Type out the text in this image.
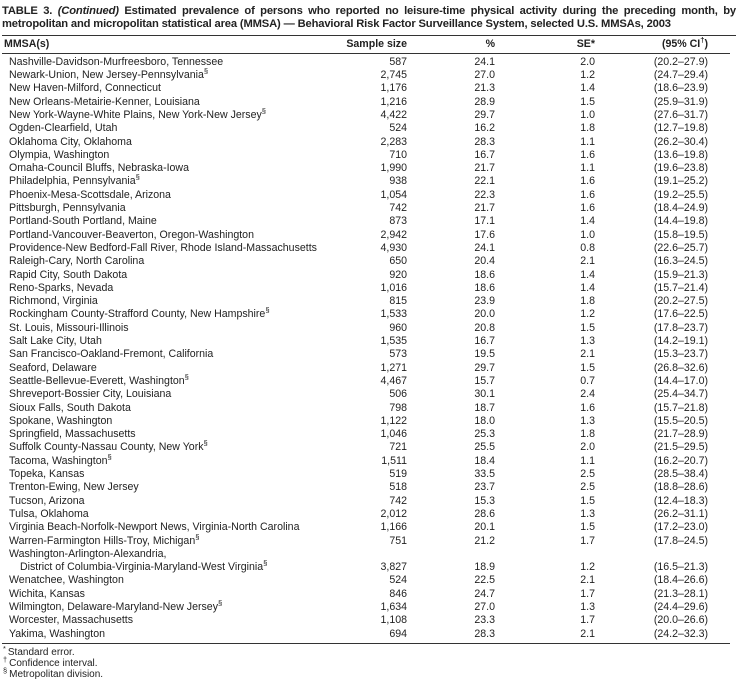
TABLE 3. (Continued) Estimated prevalence of persons who reported no leisure-time physical activity during the preceding month, by metropolitan and micropolitan statistical area (MMSA) — Behavioral Risk Factor Surveillance System, selected U.S. MMSAs, 2003
MMSA(s)	Sample size	%	SE*	(95% CI†)
Nashville-Davidson-Murfreesboro, Tennessee	587	24.1	2.0	(20.2–27.9)
Newark-Union, New Jersey-Pennsylvania§	2,745	27.0	1.2	(24.7–29.4)
New Haven-Milford, Connecticut	1,176	21.3	1.4	(18.6–23.9)
New Orleans-Metairie-Kenner, Louisiana	1,216	28.9	1.5	(25.9–31.9)
New York-Wayne-White Plains, New York-New Jersey§	4,422	29.7	1.0	(27.6–31.7)
Ogden-Clearfield, Utah	524	16.2	1.8	(12.7–19.8)
Oklahoma City, Oklahoma	2,283	28.3	1.1	(26.2–30.4)
Olympia, Washington	710	16.7	1.6	(13.6–19.8)
Omaha-Council Bluffs, Nebraska-Iowa	1,990	21.7	1.1	(19.6–23.8)
Philadelphia, Pennsylvania§	938	22.1	1.6	(19.1–25.2)
Phoenix-Mesa-Scottsdale, Arizona	1,054	22.3	1.6	(19.2–25.5)
Pittsburgh, Pennsylvania	742	21.7	1.6	(18.4–24.9)
Portland-South Portland, Maine	873	17.1	1.4	(14.4–19.8)
Portland-Vancouver-Beaverton, Oregon-Washington	2,942	17.6	1.0	(15.8–19.5)
Providence-New Bedford-Fall River, Rhode Island-Massachusetts	4,930	24.1	0.8	(22.6–25.7)
Raleigh-Cary, North Carolina	650	20.4	2.1	(16.3–24.5)
Rapid City, South Dakota	920	18.6	1.4	(15.9–21.3)
Reno-Sparks, Nevada	1,016	18.6	1.4	(15.7–21.4)
Richmond, Virginia	815	23.9	1.8	(20.2–27.5)
Rockingham County-Strafford County, New Hampshire§	1,533	20.0	1.2	(17.6–22.5)
St. Louis, Missouri-Illinois	960	20.8	1.5	(17.8–23.7)
Salt Lake City, Utah	1,535	16.7	1.3	(14.2–19.1)
San Francisco-Oakland-Fremont, California	573	19.5	2.1	(15.3–23.7)
Seaford, Delaware	1,271	29.7	1.5	(26.8–32.6)
Seattle-Bellevue-Everett, Washington§	4,467	15.7	0.7	(14.4–17.0)
Shreveport-Bossier City, Louisiana	506	30.1	2.4	(25.4–34.7)
Sioux Falls, South Dakota	798	18.7	1.6	(15.7–21.8)
Spokane, Washington	1,122	18.0	1.3	(15.5–20.5)
Springfield, Massachusetts	1,046	25.3	1.8	(21.7–28.9)
Suffolk County-Nassau County, New York§	721	25.5	2.0	(21.5–29.5)
Tacoma, Washington§	1,511	18.4	1.1	(16.2–20.7)
Topeka, Kansas	519	33.5	2.5	(28.5–38.4)
Trenton-Ewing, New Jersey	518	23.7	2.5	(18.8–28.6)
Tucson, Arizona	742	15.3	1.5	(12.4–18.3)
Tulsa, Oklahoma	2,012	28.6	1.3	(26.2–31.1)
Virginia Beach-Norfolk-Newport News, Virginia-North Carolina	1,166	20.1	1.5	(17.2–23.0)
Warren-Farmington Hills-Troy, Michigan§	751	21.2	1.7	(17.8–24.5)
Washington-Arlington-Alexandria,
District of Columbia-Virginia-Maryland-West Virginia§	3,827	18.9	1.2	(16.5–21.3)
Wenatchee, Washington	524	22.5	2.1	(18.4–26.6)
Wichita, Kansas	846	24.7	1.7	(21.3–28.1)
Wilmington, Delaware-Maryland-New Jersey§	1,634	27.0	1.3	(24.4–29.6)
Worcester, Massachusetts	1,108	23.3	1.7	(20.0–26.6)
Yakima, Washington	694	28.3	2.1	(24.2–32.3)
* Standard error.
† Confidence interval.
§ Metropolitan division.
